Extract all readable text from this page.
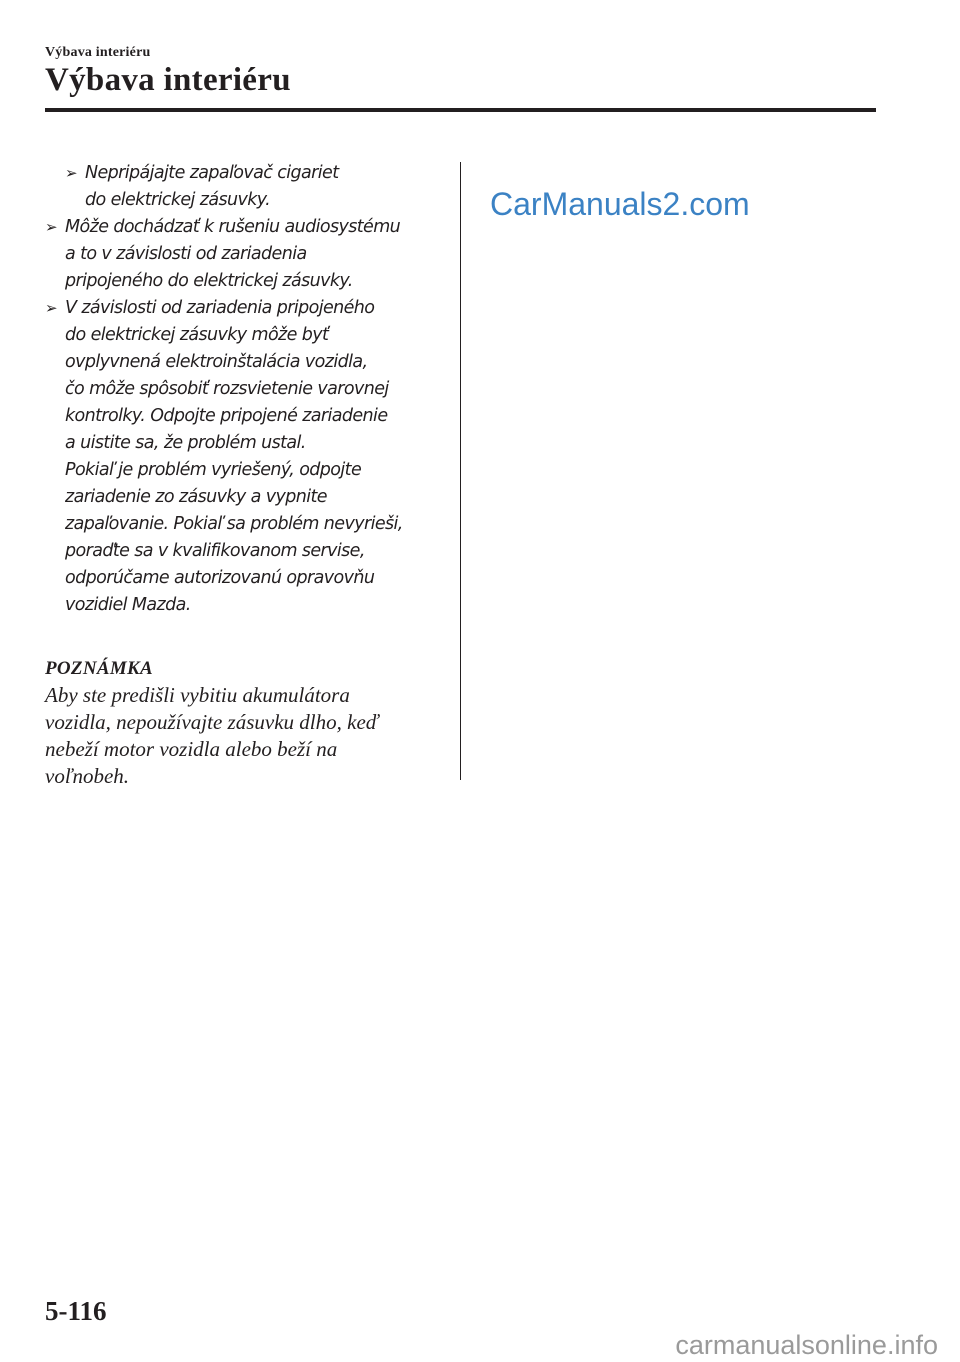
Výbava interiéru
Výbava interiéru
➢ Nepripájajte zapaľovač cigariet
do elektrickej zásuvky.
➢ Môže dochádzať k rušeniu audiosystému
a to v závislosti od zariadenia
pripojeného do elektrickej zásuvky.
➢ V závislosti od zariadenia pripojeného
do elektrickej zásuvky môže byť
ovplyvnená elektroinštalácia vozidla,
čo môže spôsobiť rozsvietenie varovnej
kontrolky. Odpojte pripojené zariadenie
a uistite sa, že problém ustal.
Pokiaľ je problém vyriešený, odpojte
zariadenie zo zásuvky a vypnite
zapaľovanie. Pokiaľ sa problém nevyrieši,
poraďte sa v kvalifikovanom servise,
odporúčame autorizovanú opravovňu
vozidiel Mazda.
POZNÁMKA
Aby ste predišli vybitiu akumulátora
vozidla, nepoužívajte zásuvku dlho, keď
nebeží motor vozidla alebo beží na
voľnobeh.
CarManuals2.com
5-116
carmanualsonline.info
